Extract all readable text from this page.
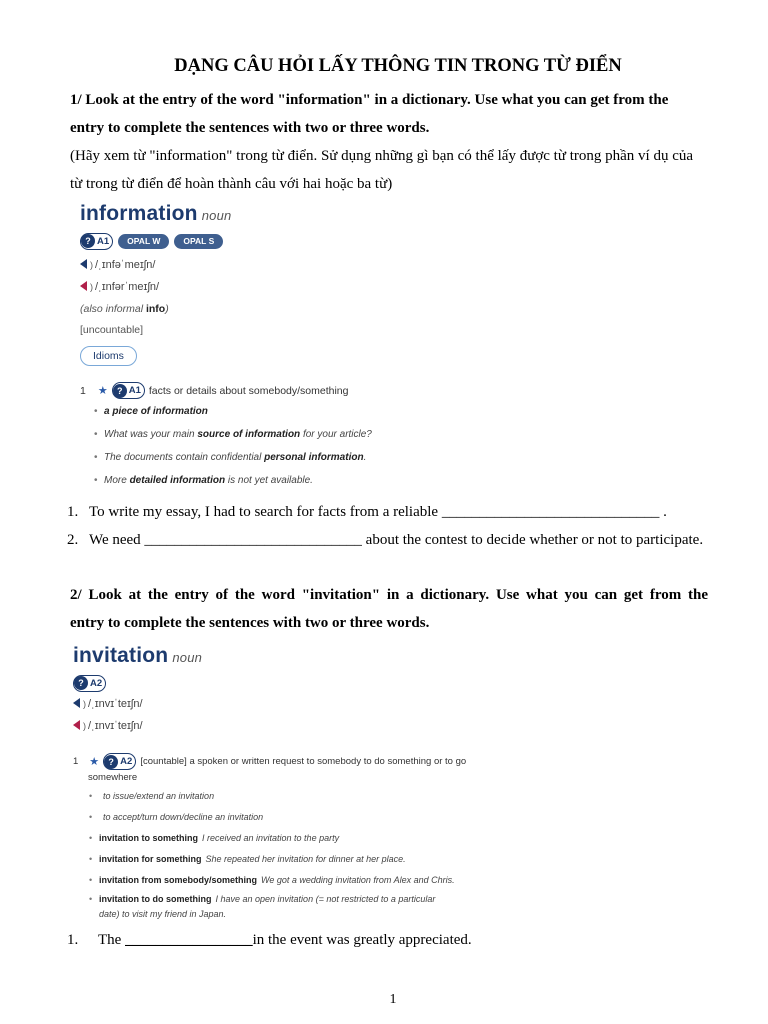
DẠNG CÂU HỎI LẤY THÔNG TIN TRONG TỪ ĐIỂN
1/ Look at the entry of the word "information" in a dictionary. Use what you can get from the
entry to complete the sentences with two or three words.
(Hãy xem từ "information" trong từ điển. Sử dụng những gì bạn có thể lấy được từ trong phần ví dụ của
từ trong từ điển để hoàn thành câu với hai hoặc ba từ)
information noun
? A1	OPAL W	OPAL S
) /ˌɪnfəˈmeɪʃn/
) /ˌɪnfərˈmeɪʃn/
(also informal info)
[uncountable]
Idioms
1 ★	? A1 facts or details about somebody/something
• a piece of information
• What was your main source of information for your article?
• The documents contain confidential personal information.
• More detailed information is not yet available.
1. To write my essay, I had to search for facts from a reliable _____________________________ .
2. We need _____________________________ about the contest to decide whether or not to participate.
2/ Look at the entry of the word "invitation" in a dictionary. Use what you can get from the
entry to complete the sentences with two or three words.
invitation noun
? A2
) /ˌɪnvɪˈteɪʃn/
) /ˌɪnvɪˈteɪʃn/
1 ★	? A2 [countable] a spoken or written request to somebody to do something or to go
somewhere
• to issue/extend an invitation
• to accept/turn down/decline an invitation
• invitation to something I received an invitation to the party
• invitation for something She repeated her invitation for dinner at her place.
• invitation from somebody/something We got a wedding invitation from Alex and Chris.
• invitation to do something I have an open invitation (= not restricted to a particular
date) to visit my friend in Japan.
1. The _________________in the event was greatly appreciated.
1
